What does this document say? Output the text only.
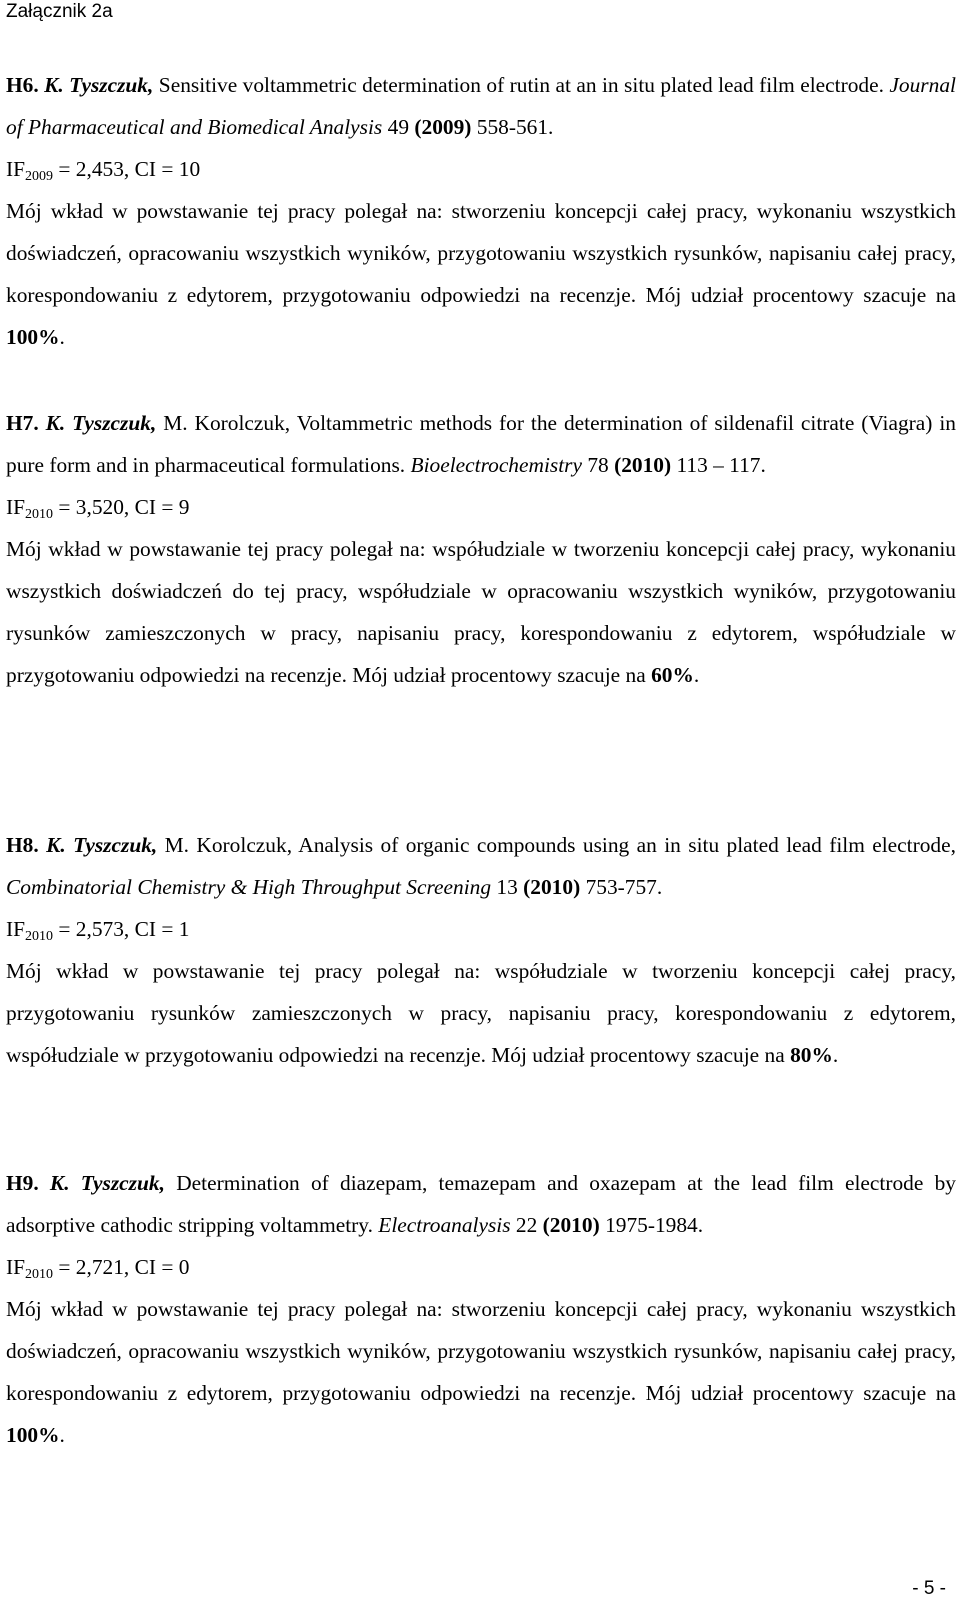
Załącznik 2a

H6. K. Tyszczuk, Sensitive voltammetric determination of rutin at an in situ plated lead film electrode. Journal of Pharmaceutical and Biomedical Analysis 49 (2009) 558-561.

$IF_{2009} = 2,453$, CI = 10

Mój wkład w powstawanie tej pracy polegał na: stworzeniu koncepcji całej pracy, wykonaniu wszystkich doświadczeń, opracowaniu wszystkich wyników, przygotowaniu wszystkich rysunków, napisaniu całej pracy, korespondowaniu z edytorem, przygotowaniu odpowiedzi na recenzje. Mój udział procentowy szacuje na 100%.

H7. K. Tyszczuk, M. Korolczuk, Voltammetric methods for the determination of sildenafil citrate (Viagra) in pure form and in pharmaceutical formulations. Bioelectrochemistry 78 (2010) 113 – 117.

$IF_{2010} = 3,520$, CI = 9

Mój wkład w powstawanie tej pracy polegał na: współudziale w tworzeniu koncepcji całej pracy, wykonaniu wszystkich doświadczeń do tej pracy, współudziale w opracowaniu wszystkich wyników, przygotowaniu rysunków zamieszczonych w pracy, napisaniu pracy, korespondowaniu z edytorem, współudziale w przygotowaniu odpowiedzi na recenzje. Mój udział procentowy szacuje na 60%.

H8. K. Tyszczuk, M. Korolczuk, Analysis of organic compounds using an in situ plated lead film electrode, Combinatorial Chemistry & High Throughput Screening 13 (2010) 753-757.

$IF_{2010} = 2,573$, CI = 1

Mój wkład w powstawanie tej pracy polegał na: współudziale w tworzeniu koncepcji całej pracy, przygotowaniu rysunków zamieszczonych w pracy, napisaniu pracy, korespondowaniu z edytorem, współudziale w przygotowaniu odpowiedzi na recenzje. Mój udział procentowy szacuje na 80%.

H9. K. Tyszczuk, Determination of diazepam, temazepam and oxazepam at the lead film electrode by adsorptive cathodic stripping voltammetry. Electroanalysis 22 (2010) 1975-1984.

$IF_{2010} = 2,721$, CI = 0

Mój wkład w powstawanie tej pracy polegał na: stworzeniu koncepcji całej pracy, wykonaniu wszystkich doświadczeń, opracowaniu wszystkich wyników, przygotowaniu wszystkich rysunków, napisaniu całej pracy, korespondowaniu z edytorem, przygotowaniu odpowiedzi na recenzje. Mój udział procentowy szacuje na 100%.

- 5 -
